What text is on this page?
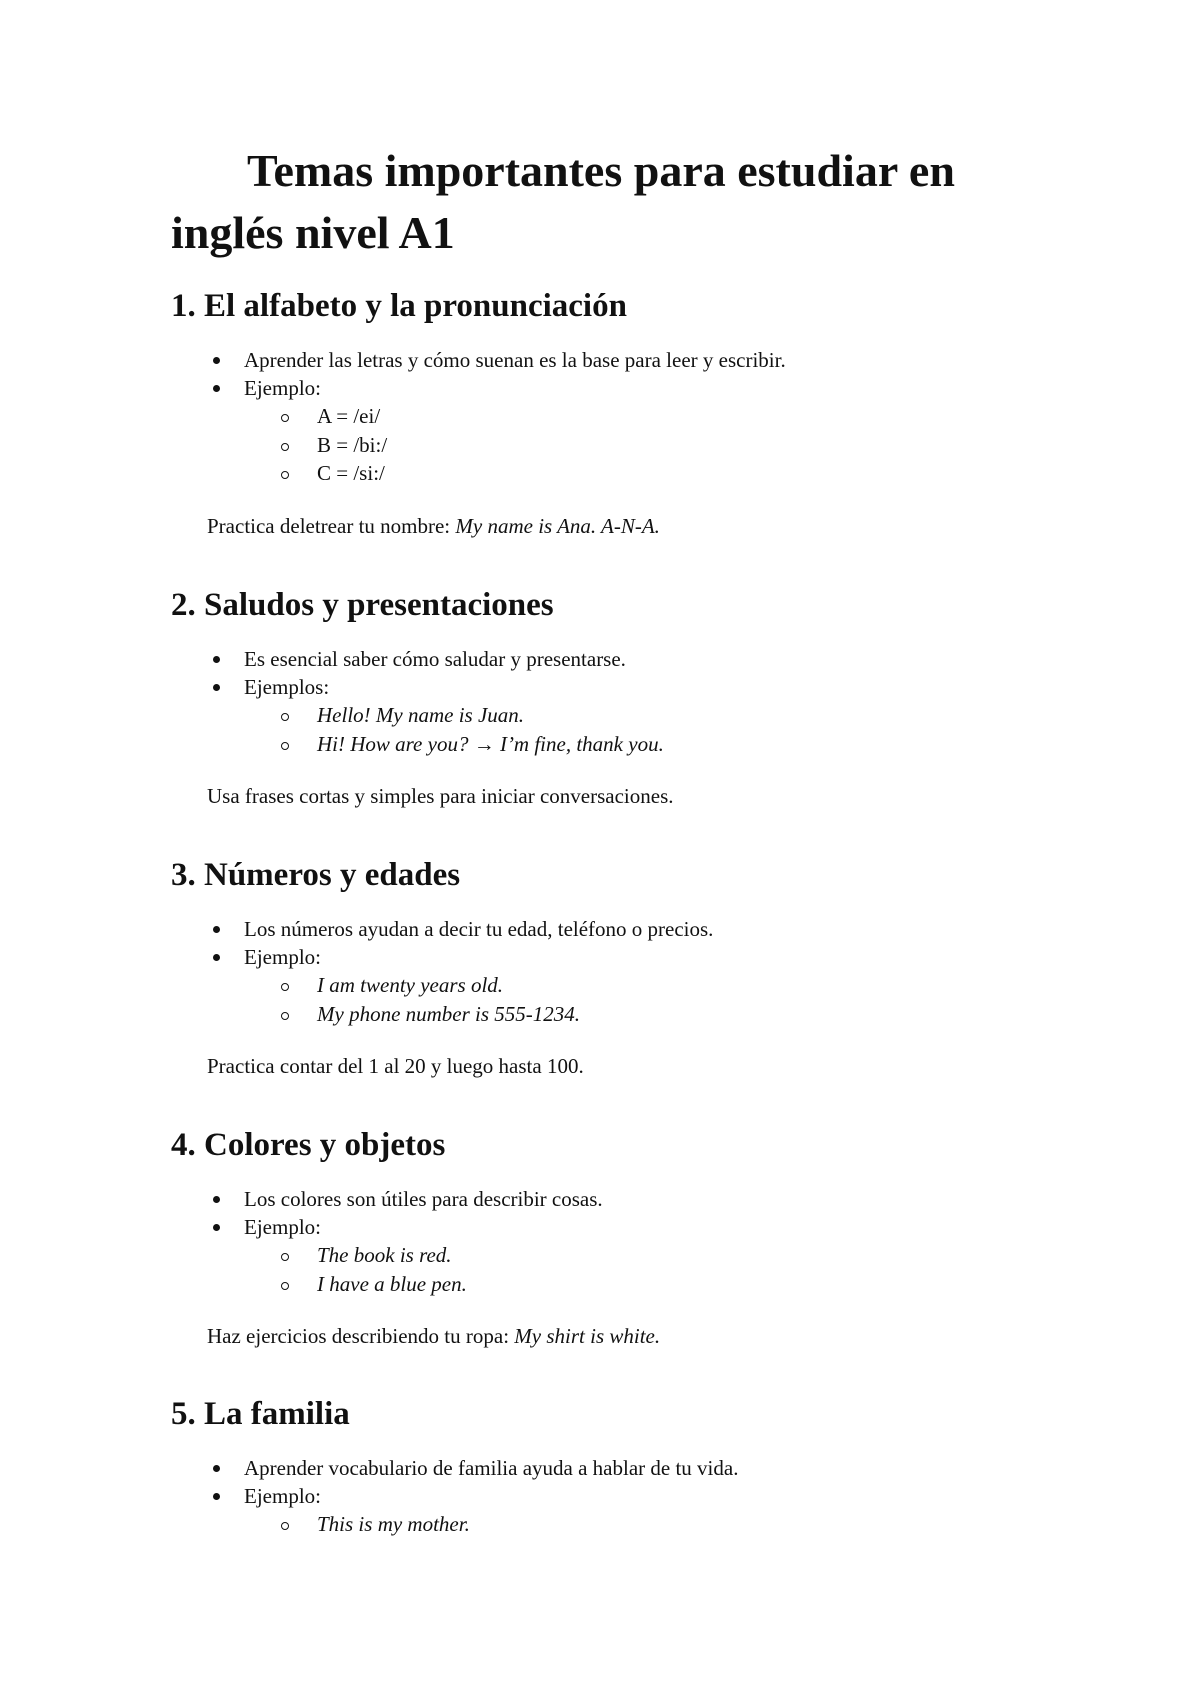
Temas importantes para estudiar en inglés nivel A1
1. El alfabeto y la pronunciación
Aprender las letras y cómo suenan es la base para leer y escribir.
Ejemplo:
A = /ei/
B = /bi:/
C = /si:/

Practica deletrear tu nombre: My name is Ana. A-N-A.

2. Saludos y presentaciones
Es esencial saber cómo saludar y presentarse.
Ejemplos:
Hello! My name is Juan.
Hi! How are you? → I’m fine, thank you.

Usa frases cortas y simples para iniciar conversaciones.

3. Números y edades
Los números ayudan a decir tu edad, teléfono o precios.
Ejemplo:
I am twenty years old.
My phone number is 555-1234.

Practica contar del 1 al 20 y luego hasta 100.

4. Colores y objetos
Los colores son útiles para describir cosas.
Ejemplo:
The book is red.
I have a blue pen.

Haz ejercicios describiendo tu ropa: My shirt is white.

5. La familia
Aprender vocabulario de familia ayuda a hablar de tu vida.
Ejemplo:
This is my mother.
